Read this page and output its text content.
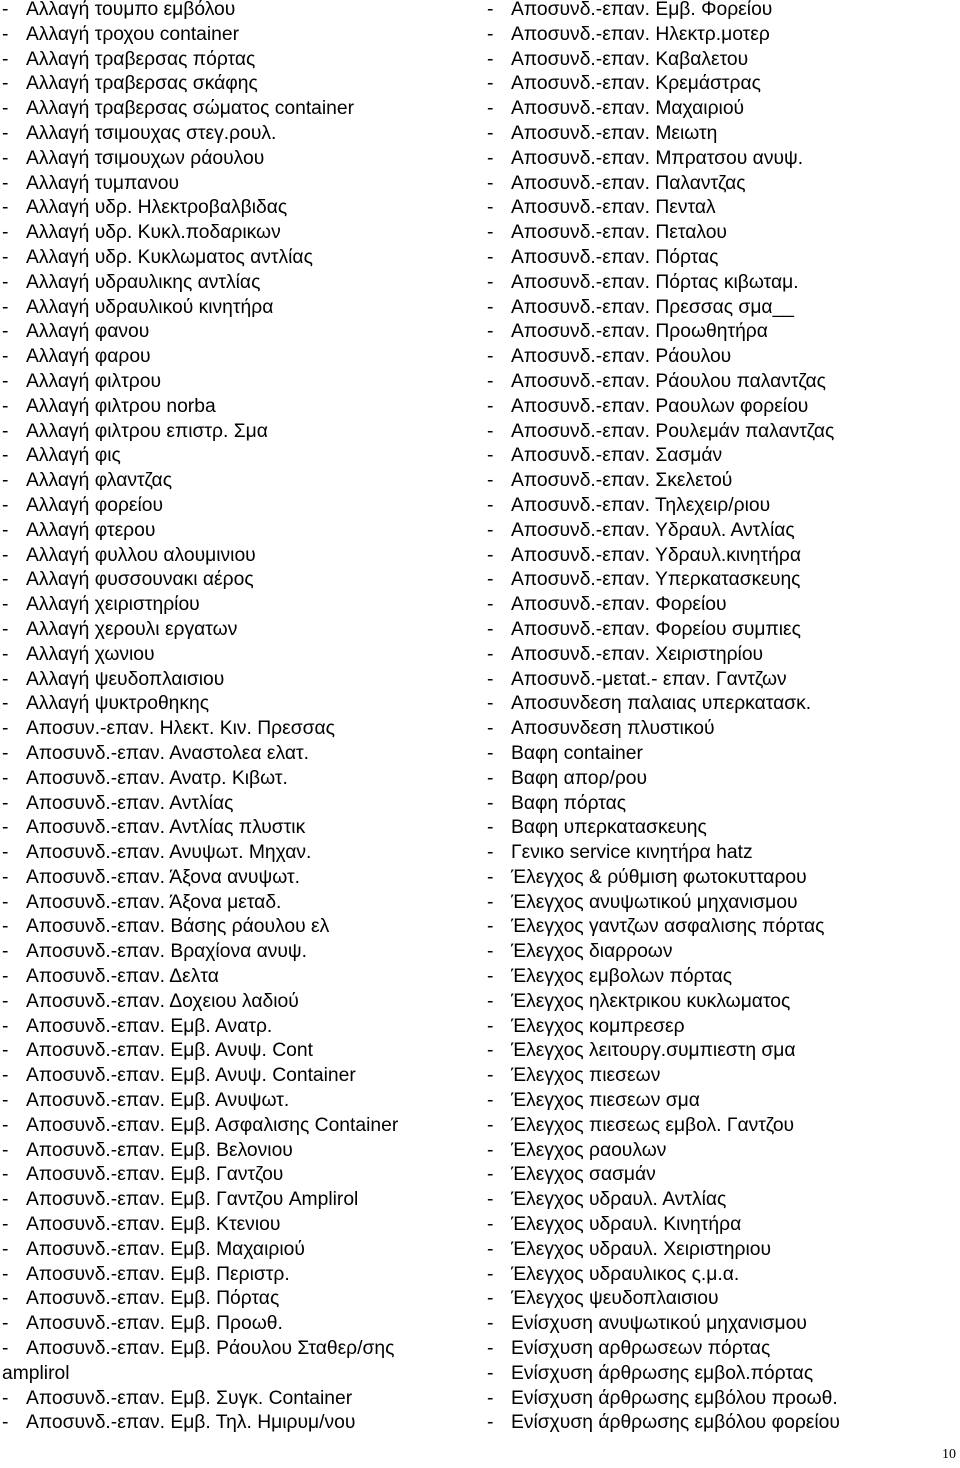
- Αλλαγή τουμπο εμβόλου
- Αλλαγή τροχου container
- Αλλαγή τραβερσας πόρτας
- Αλλαγή τραβερσας σκάφης
- Αλλαγή τραβερσας σώματος container
- Αλλαγή τσιμουχας στεγ.ρουλ.
- Αλλαγή τσιμουχων ράουλου
- Αλλαγή τυμπανου
- Αλλαγή υδρ. Ηλεκτροβαλβιδας
- Αλλαγή υδρ. Κυκλ.ποδαρικων
- Αλλαγή υδρ. Κυκλωματος αντλίας
- Αλλαγή υδραυλικης αντλίας
- Αλλαγή υδραυλικού κινητήρα
- Αλλαγή φανου
- Αλλαγή φαρου
- Αλλαγή φιλτρου
- Αλλαγή φιλτρου norba
- Αλλαγή φιλτρου επιστρ. Σμα
- Αλλαγή φις
- Αλλαγή φλαντζας
- Αλλαγή φορείου
- Αλλαγή φτερου
- Αλλαγή φυλλου αλουμινιου
- Αλλαγή φυσσουνακι αέρος
- Αλλαγή χειριστηρίου
- Αλλαγή χερουλι εργατων
- Αλλαγή χωνιου
- Αλλαγή ψευδοπλαισιου
- Αλλαγή ψυκτροθηκης
- Αποσυν.-επαν. Ηλεκτ. Κιν. Πρεσσας
- Αποσυνδ.-επαν. Αναστολεα ελατ.
- Αποσυνδ.-επαν. Ανατρ. Κιβωτ.
- Αποσυνδ.-επαν. Αντλίας
- Αποσυνδ.-επαν. Αντλίας πλυστικ
- Αποσυνδ.-επαν. Ανυψωτ. Μηχαν.
- Αποσυνδ.-επαν. Άξονα ανυψωτ.
- Αποσυνδ.-επαν. Άξονα μεταδ.
- Αποσυνδ.-επαν. Βάσης ράουλου ελ
- Αποσυνδ.-επαν. Βραχίονα ανυψ.
- Αποσυνδ.-επαν. Δελτα
- Αποσυνδ.-επαν. Δοχειου λαδιού
- Αποσυνδ.-επαν. Εμβ. Ανατρ.
- Αποσυνδ.-επαν. Εμβ. Ανυψ. Cont
- Αποσυνδ.-επαν. Εμβ. Ανυψ. Container
- Αποσυνδ.-επαν. Εμβ. Ανυψωτ.
- Αποσυνδ.-επαν. Εμβ. Ασφαλισης Container
- Αποσυνδ.-επαν. Εμβ. Βελονιου
- Αποσυνδ.-επαν. Εμβ. Γαντζου
- Αποσυνδ.-επαν. Εμβ. Γαντζου Amplirol
- Αποσυνδ.-επαν. Εμβ. Κτενιου
- Αποσυνδ.-επαν. Εμβ. Μαχαιριού
- Αποσυνδ.-επαν. Εμβ. Περιστρ.
- Αποσυνδ.-επαν. Εμβ. Πόρτας
- Αποσυνδ.-επαν. Εμβ. Προωθ.
- Αποσυνδ.-επαν. Εμβ. Ράουλου Σταθερ/σης amplirol
- Αποσυνδ.-επαν. Εμβ. Συγκ. Container
- Αποσυνδ.-επαν. Εμβ. Τηλ. Ημιρυμ/νου
- Αποσυνδ.-επαν. Εμβ. Φορείου
- Αποσυνδ.-επαν. Ηλεκτρ.μοτερ
- Αποσυνδ.-επαν. Καβαλετου
- Αποσυνδ.-επαν. Κρεμάστρας
- Αποσυνδ.-επαν. Μαχαιριού
- Αποσυνδ.-επαν. Μειωτη
- Αποσυνδ.-επαν. Μπρατσου ανυψ.
- Αποσυνδ.-επαν. Παλαντζας
- Αποσυνδ.-επαν. Πενταλ
- Αποσυνδ.-επαν. Πεταλου
- Αποσυνδ.-επαν. Πόρτας
- Αποσυνδ.-επαν. Πόρτας κιβωταμ.
- Αποσυνδ.-επαν. Πρεσσας σμα__
- Αποσυνδ.-επαν. Προωθητήρα
- Αποσυνδ.-επαν. Ράουλου
- Αποσυνδ.-επαν. Ράουλου παλαντζας
- Αποσυνδ.-επαν. Ραουλων φορείου
- Αποσυνδ.-επαν. Ρουλεμάν παλαντζας
- Αποσυνδ.-επαν. Σασμάν
- Αποσυνδ.-επαν. Σκελετού
- Αποσυνδ.-επαν. Τηλεχειρ/ριου
- Αποσυνδ.-επαν. Υδραυλ. Αντλίας
- Αποσυνδ.-επαν. Υδραυλ.κινητήρα
- Αποσυνδ.-επαν. Υπερκατασκευης
- Αποσυνδ.-επαν. Φορείου
- Αποσυνδ.-επαν. Φορείου συμπιες
- Αποσυνδ.-επαν. Χειριστηρίου
- Αποσυνδ.-μεταt.- επαν. Γαντζων
- Αποσυνδεση παλαιας υπερκατασκ.
- Αποσυνδεση πλυστικού
- Βαφη container
- Βαφη απορ/ρου
- Βαφη πόρτας
- Βαφη υπερκατασκευης
- Γενικο service κινητήρα hatz
- Έλεγχος & ρύθμιση φωτοκυτταρου
- Έλεγχος ανυψωτικού μηχανισμου
- Έλεγχος γαντζων ασφαλισης πόρτας
- Έλεγχος διαρροων
- Έλεγχος εμβολων πόρτας
- Έλεγχος ηλεκτρικου κυκλωματος
- Έλεγχος κομπρεσερ
- Έλεγχος λειτουργ.συμπιεστη σμα
- Έλεγχος πιεσεων
- Έλεγχος πιεσεων σμα
- Έλεγχος πιεσεως εμβολ. Γαντζου
- Έλεγχος ραουλων
- Έλεγχος σασμάν
- Έλεγχος υδραυλ. Αντλίας
- Έλεγχος υδραυλ. Κινητήρα
- Έλεγχος υδραυλ. Χειριστηριου
- Έλεγχος υδραυλικος ς.μ.α.
- Έλεγχος ψευδοπλαισιου
- Ενίσχυση ανυψωτικού μηχανισμου
- Ενίσχυση αρθρωσεων πόρτας
- Ενίσχυση άρθρωσης εμβολ.πόρτας
- Ενίσχυση άρθρωσης εμβόλου προωθ.
- Ενίσχυση άρθρωσης εμβόλου φορείου
10
